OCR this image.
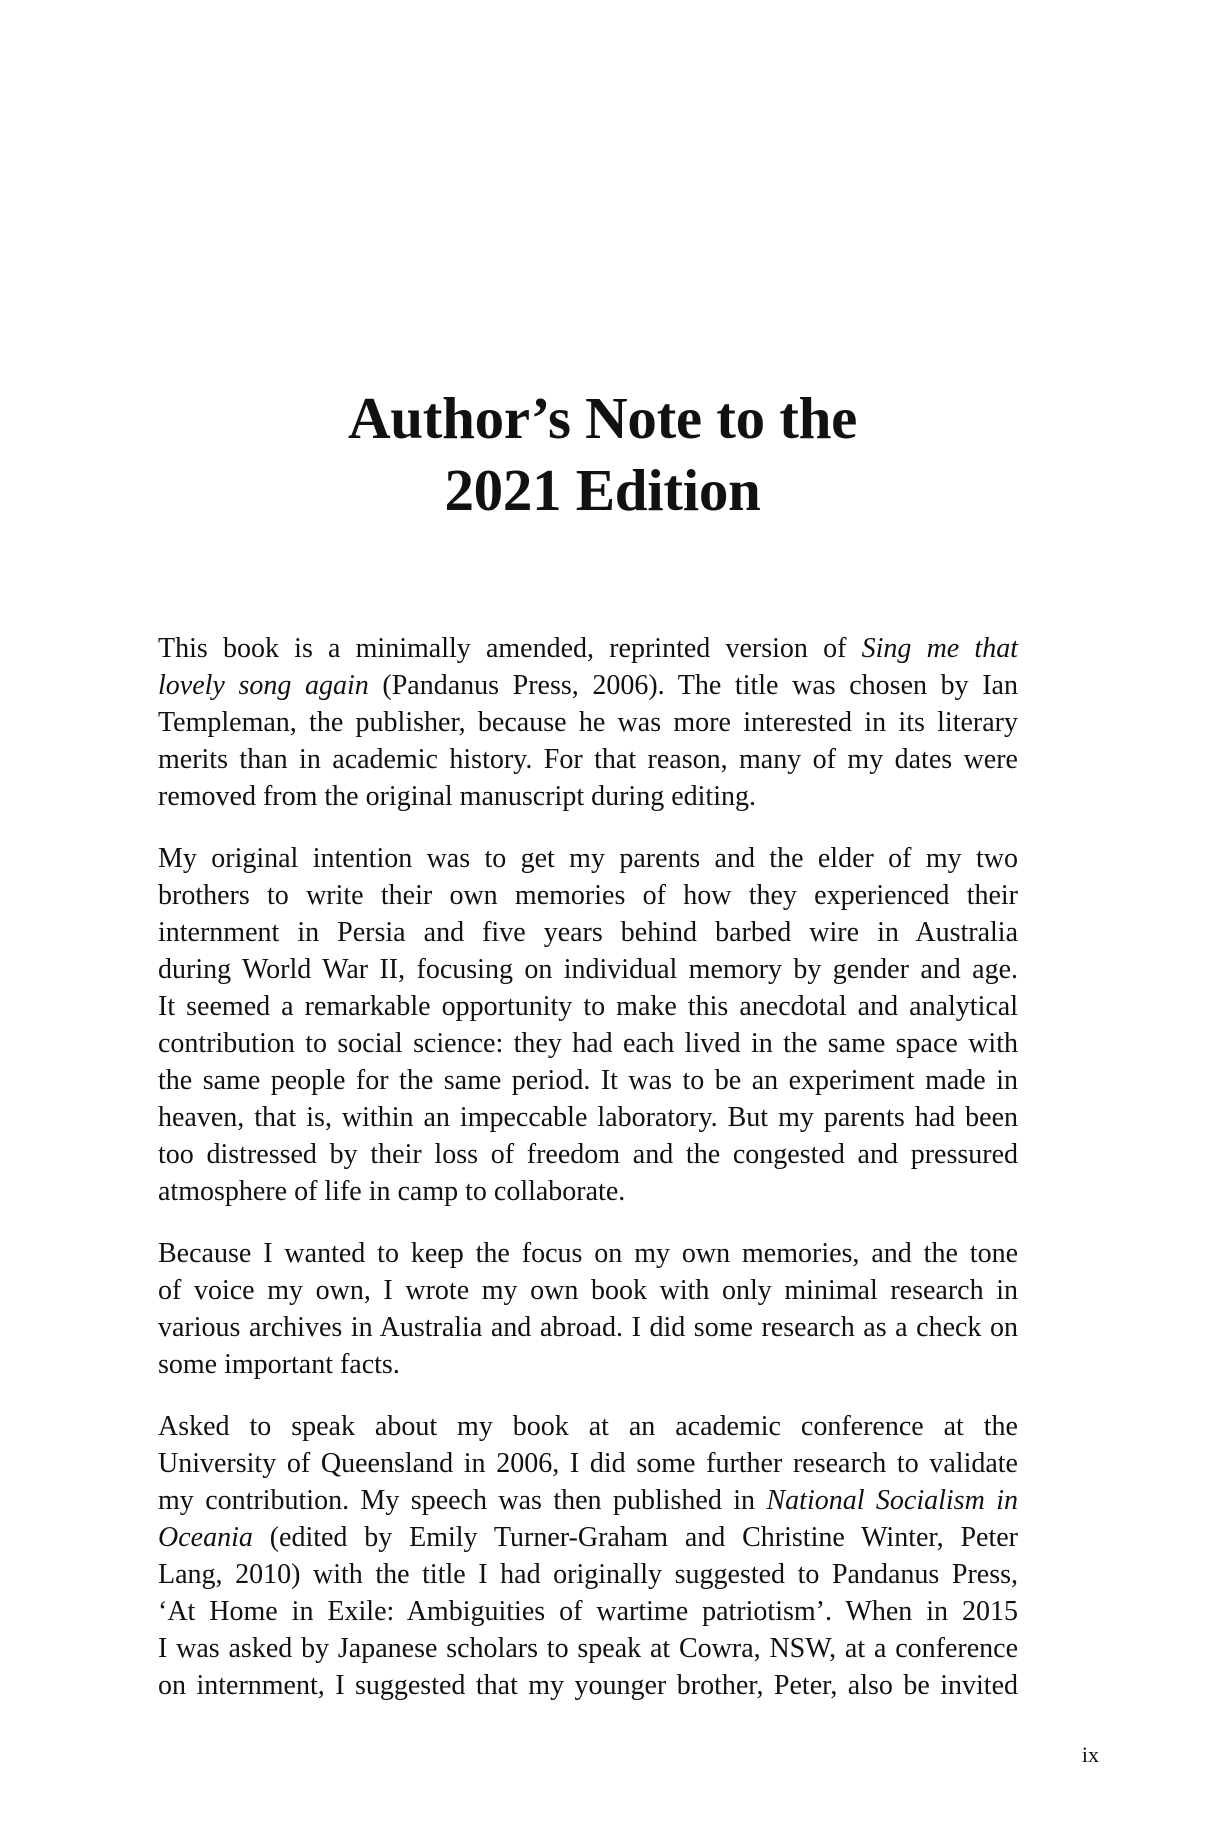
Author’s Note to the
2021 Edition

This book is a minimally amended, reprinted version of Sing me that
lovely song again (Pandanus Press, 2006). The title was chosen by Ian
Templeman, the publisher, because he was more interested in its literary
merits than in academic history. For that reason, many of my dates were
removed from the original manuscript during editing.

My original intention was to get my parents and the elder of my two
brothers to write their own memories of how they experienced their
internment in Persia and five years behind barbed wire in Australia
during World War II, focusing on individual memory by gender and age.
It seemed a remarkable opportunity to make this anecdotal and analytical
contribution to social science: they had each lived in the same space with
the same people for the same period. It was to be an experiment made in
heaven, that is, within an impeccable laboratory. But my parents had been
too distressed by their loss of freedom and the congested and pressured
atmosphere of life in camp to collaborate.

Because I wanted to keep the focus on my own memories, and the tone
of voice my own, I wrote my own book with only minimal research in
various archives in Australia and abroad. I did some research as a check on
some important facts.

Asked to speak about my book at an academic conference at the
University of Queensland in 2006, I did some further research to validate
my contribution. My speech was then published in National Socialism in
Oceania (edited by Emily Turner-Graham and Christine Winter, Peter
Lang, 2010) with the title I had originally suggested to Pandanus Press,
‘At Home in Exile: Ambiguities of wartime patriotism’. When in 2015
I was asked by Japanese scholars to speak at Cowra, NSW, at a conference
on internment, I suggested that my younger brother, Peter, also be invited

ix
